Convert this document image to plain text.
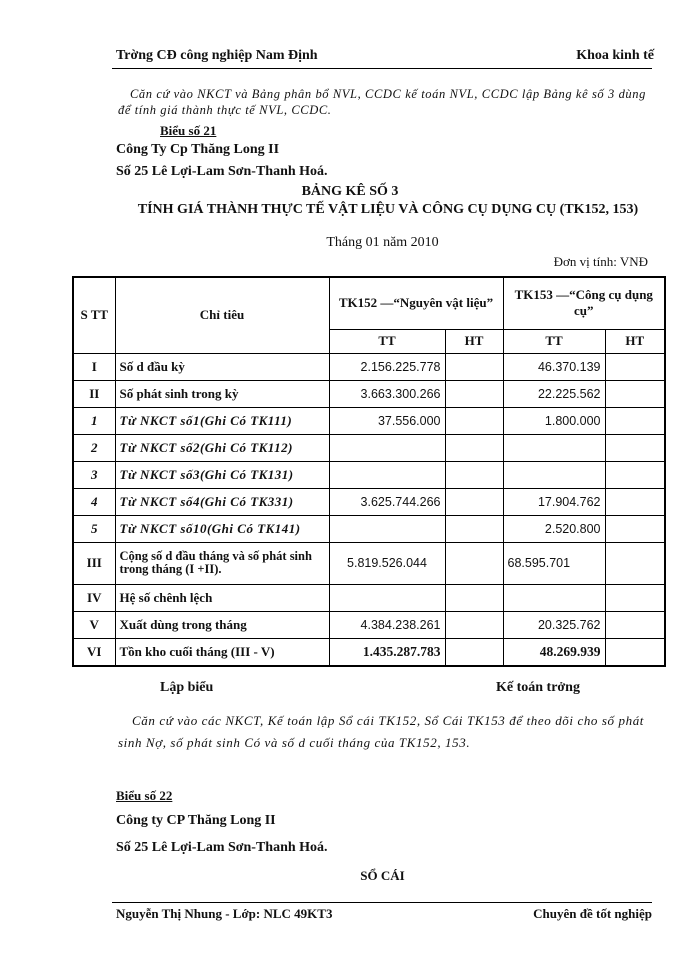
Trờng CĐ công nghiệp Nam Định	Khoa kinh tế
Căn cứ vào NKCT và Bảng phân bổ NVL, CCDC kế toán NVL, CCDC lập Bảng kê số 3 dùng để tính giá thành thực tế NVL, CCDC.
Biểu số 21
Công Ty Cp Thăng Long II
Số 25 Lê Lợi-Lam Sơn-Thanh Hoá.
BẢNG KÊ SỐ 3
TÍNH GIÁ THÀNH THỰC TẾ VẬT LIỆU VÀ CÔNG CỤ DỤNG CỤ (TK152, 153)
Tháng 01 năm 2010
Đơn vị tính: VNĐ
S TT	Chỉ tiêu	TK152 —“Nguyên vật liệu”		TK153 —“Công cụ dụng cụ”	
		TT	HT	TT	HT
I	Số d đầu kỳ	2.156.225.778		46.370.139	
II	Số phát sinh trong kỳ	3.663.300.266		22.225.562	
1	Từ NKCT số1(Ghi Có TK111)	37.556.000		1.800.000	
2	Từ NKCT số2(Ghi Có TK112)				
3	Từ NKCT số3(Ghi Có TK131)				
4	Từ NKCT số4(Ghi Có TK331)	3.625.744.266		17.904.762	
5	Từ NKCT số10(Ghi Có TK141)			2.520.800	
III	Cộng số d đầu tháng và số phát sinh trong tháng (I +II).	5.819.526.044		68.595.701	
IV	Hệ số chênh lệch				
V	Xuất dùng trong tháng	4.384.238.261		20.325.762	
VI	Tồn kho cuối tháng (III - V)	1.435.287.783		48.269.939	
Lập biểu	Kế toán trởng
Căn cứ vào các NKCT, Kế toán lập Sổ cái TK152, Sổ Cái TK153 để theo dõi cho số phát sinh Nợ, số phát sinh Có và số d cuối tháng của TK152, 153.
Biểu số 22
Công ty CP Thăng Long II
Số 25 Lê Lợi-Lam Sơn-Thanh Hoá.
SỔ CÁI
Nguyễn Thị Nhung - Lớp: NLC 49KT3	Chuyên đề tốt nghiệp
